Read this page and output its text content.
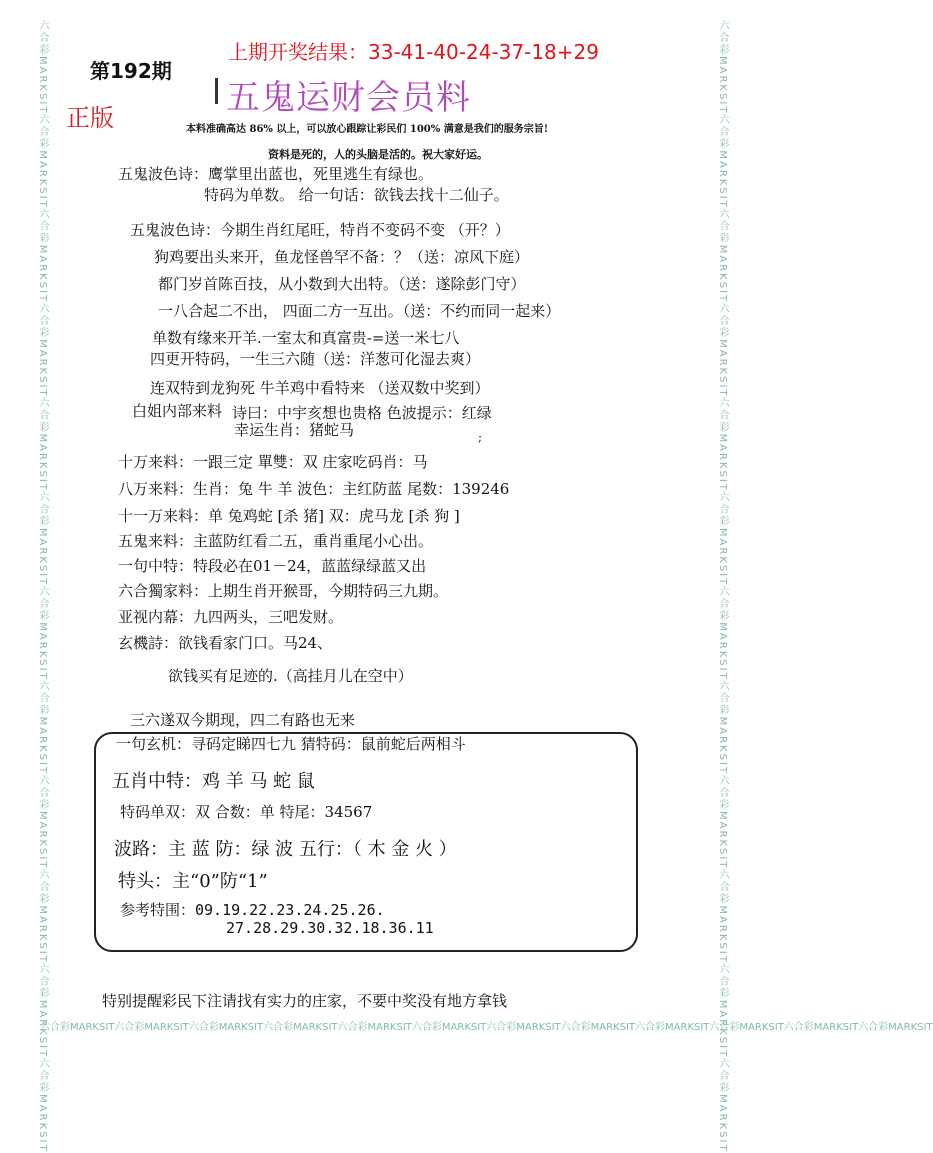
六合彩MARKSIT六合彩MARKSIT六合彩MARKSIT六合彩MARKSIT六合彩MARKSIT六合彩MARKSIT六合彩MARKSIT六合彩MARKSIT六合彩MARKSIT六合彩MARKSIT六合彩MARKSIT六合彩MARKSIT	六合彩MARKSIT六合彩MARKSIT六合彩MARKSIT六合彩MARKSIT六合彩MARKSIT六合彩MARKSIT六合彩MARKSIT六合彩MARKSIT六合彩MARKSIT六合彩MARKSIT六合彩MARKSIT六合彩MARKSIT
六合彩MARKSIT六合彩MARKSIT六合彩MARKSIT六合彩MARKSIT六合彩MARKSIT六合彩MARKSIT六合彩MARKSIT六合彩MARKSIT六合彩MARKSIT六合彩MARKSIT六合彩MARKSIT六合彩MARKSIT
第192期
上期开奖结果：33-41-40-24-37-18+29
正版	五鬼运财会员料
本料准确高达 86% 以上，可以放心跟踪让彩民们 100% 满意是我们的服务宗旨!
资料是死的，人的头脑是活的。祝大家好运。
五鬼波色诗：鹰掌里出蓝也，死里逃生有绿也。
特码为单数。 给一句话：欲钱去找十二仙子。
五鬼波色诗：今期生肖红尾旺，特肖不变码不变 （开？）
狗鸡要出头来开，鱼龙怪兽罕不备：？（送：凉风下庭）
都门岁首陈百技，从小数到大出特。（送：遂除彭门守）
一八合起二不出， 四面二方一互出。（送：不约而同一起来）
单数有缘来开羊.一室太和真富贵-=送一米七八
四更开特码，一生三六随（送：洋葱可化湿去爽）
连双特到龙狗死 牛羊鸡中看特来 （送双数中奖到）
白姐内部来料 诗曰：中宇亥想也贵格 色波提示：红绿
幸运生肖：猪蛇马	;
十万来料：一跟三定 單雙：双 庄家吃码肖：马
八万来料：生肖：兔 牛 羊 波色：主红防蓝 尾数：139246
十一万来料：单 兔鸡蛇 [杀 猪] 双：虎马龙 [杀 狗 ]
五鬼来料：主蓝防红看二五，重肖重尾小心出。
一句中特：特段必在01－24，蓝蓝绿绿蓝又出
六合獨家料：上期生肖开猴哥，今期特码三九期。
亚视内幕：九四两头，三吧发财。
玄機詩：欲钱看家门口。马24、
欲钱买有足迹的.（高挂月儿在空中）
三六遂双今期现，四二有路也无来
一句玄机：寻码定睇四七九 猜特码：鼠前蛇后两相斗
五肖中特：鸡 羊 马 蛇 鼠
特码单双：双 合数：单 特尾：34567
波路：主 蓝 防：绿 波 五行：（ 木 金 火 ）
特头：主“0”防“1”
参考特围：09.19.22.23.24.25.26.
27.28.29.30.32.18.36.11
特别提醒彩民下注请找有实力的庄家，不要中奖没有地方拿钱
